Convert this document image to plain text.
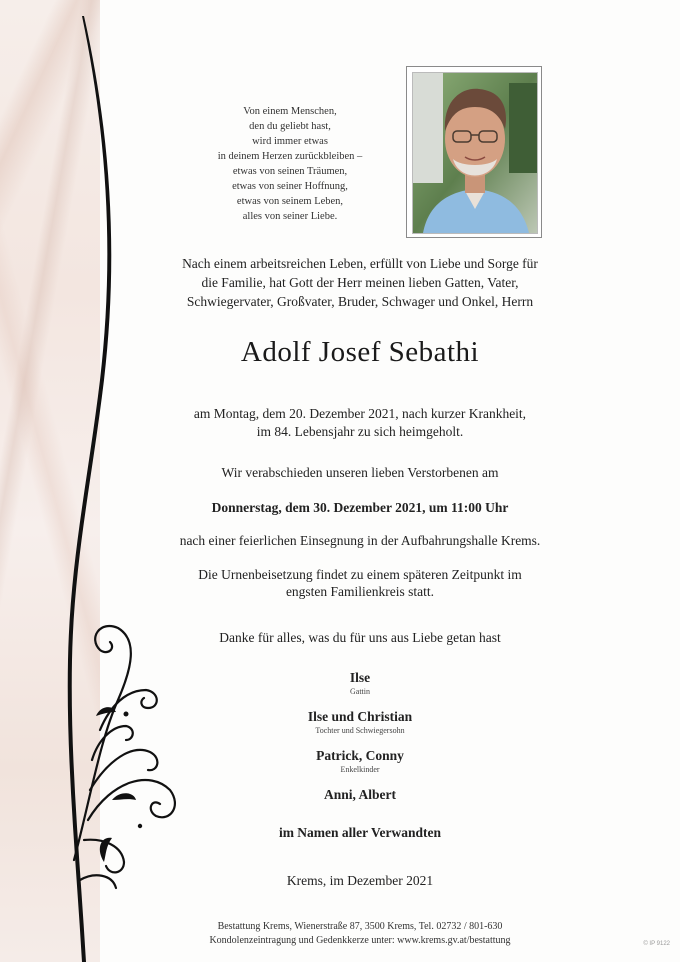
Von einem Menschen,
den du geliebt hast,
wird immer etwas
in deinem Herzen zurückbleiben –
etwas von seinen Träumen,
etwas von seiner Hoffnung,
etwas von seinem Leben,
alles von seiner Liebe.
Nach einem arbeitsreichen Leben, erfüllt von Liebe und Sorge für
die Familie, hat Gott der Herr meinen lieben Gatten, Vater,
Schwiegervater, Großvater, Bruder, Schwager und Onkel, Herrn
Adolf Josef Sebathi
am Montag, dem 20. Dezember 2021, nach kurzer Krankheit,
im 84. Lebensjahr zu sich heimgeholt.
Wir verabschieden unseren lieben Verstorbenen am
Donnerstag, dem 30. Dezember 2021, um 11:00 Uhr
nach einer feierlichen Einsegnung in der Aufbahrungshalle Krems.
Die Urnenbeisetzung findet zu einem späteren Zeitpunkt im
engsten Familienkreis statt.
Danke für alles, was du für uns aus Liebe getan hast
Ilse
Gattin
Ilse und Christian
Tochter und Schwiegersohn
Patrick, Conny
Enkelkinder
Anni, Albert
im Namen aller Verwandten
Krems, im Dezember 2021
Bestattung Krems, Wienerstraße 87, 3500 Krems, Tel. 02732 / 801-630
Kondolenzeintragung und Gedenkkerze unter: www.krems.gv.at/bestattung	© IP 9122
